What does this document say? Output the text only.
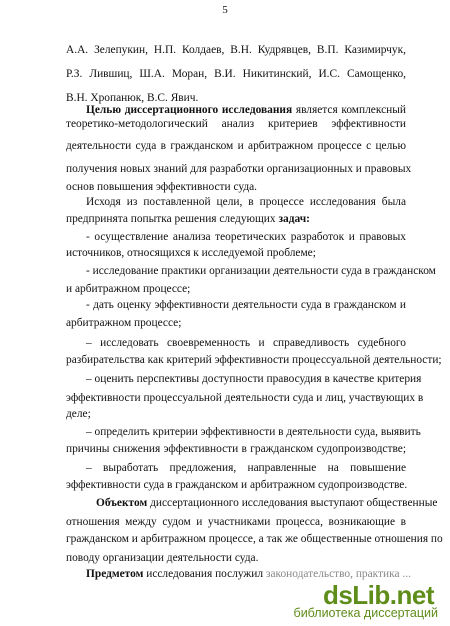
5
А.А. Зелепукин, Н.П. Колдаев, В.Н. Кудрявцев, В.П. Казимирчук,
Р.З. Лившиц, Ш.А. Моран, В.И. Никитинский, И.С. Самощенко,
В.Н. Хропанюк, В.С. Явич.
Целью диссертационного исследования является комплексный
теоретико-методологический анализ критериев эффективности
деятельности суда в гражданском и арбитражном процессе с целью
получения новых знаний для разработки организационных и правовых
основ повышения эффективности суда.
Исходя из поставленной цели, в процессе исследования была
предпринята попытка решения следующих задач:
- осуществление анализа теоретических разработок и правовых
источников, относящихся к исследуемой проблеме;
- исследование практики организации деятельности суда в гражданском
и арбитражном процессе;
- дать оценку эффективности деятельности суда в гражданском и
арбитражном процессе;
– исследовать своевременность и справедливость судебного
разбирательства как критерий эффективности процессуальной деятельности;
– оценить перспективы доступности правосудия в качестве критерия
эффективности процессуальной деятельности суда и лиц, участвующих в
деле;
– определить критерии эффективности в деятельности суда, выявить
причины снижения эффективности в гражданском судопроизводстве;
– выработать предложения, направленные на повышение
эффективности суда в гражданском и арбитражном судопроизводстве.
Объектом диссертационного исследования выступают общественные
отношения между судом и участниками процесса, возникающие в
гражданском и арбитражном процессе, а так же общественные отношения по
поводу организации деятельности суда.
Предметом исследования послужил законодательство, практика ...
dsLib.net
библиотека диссертаций
